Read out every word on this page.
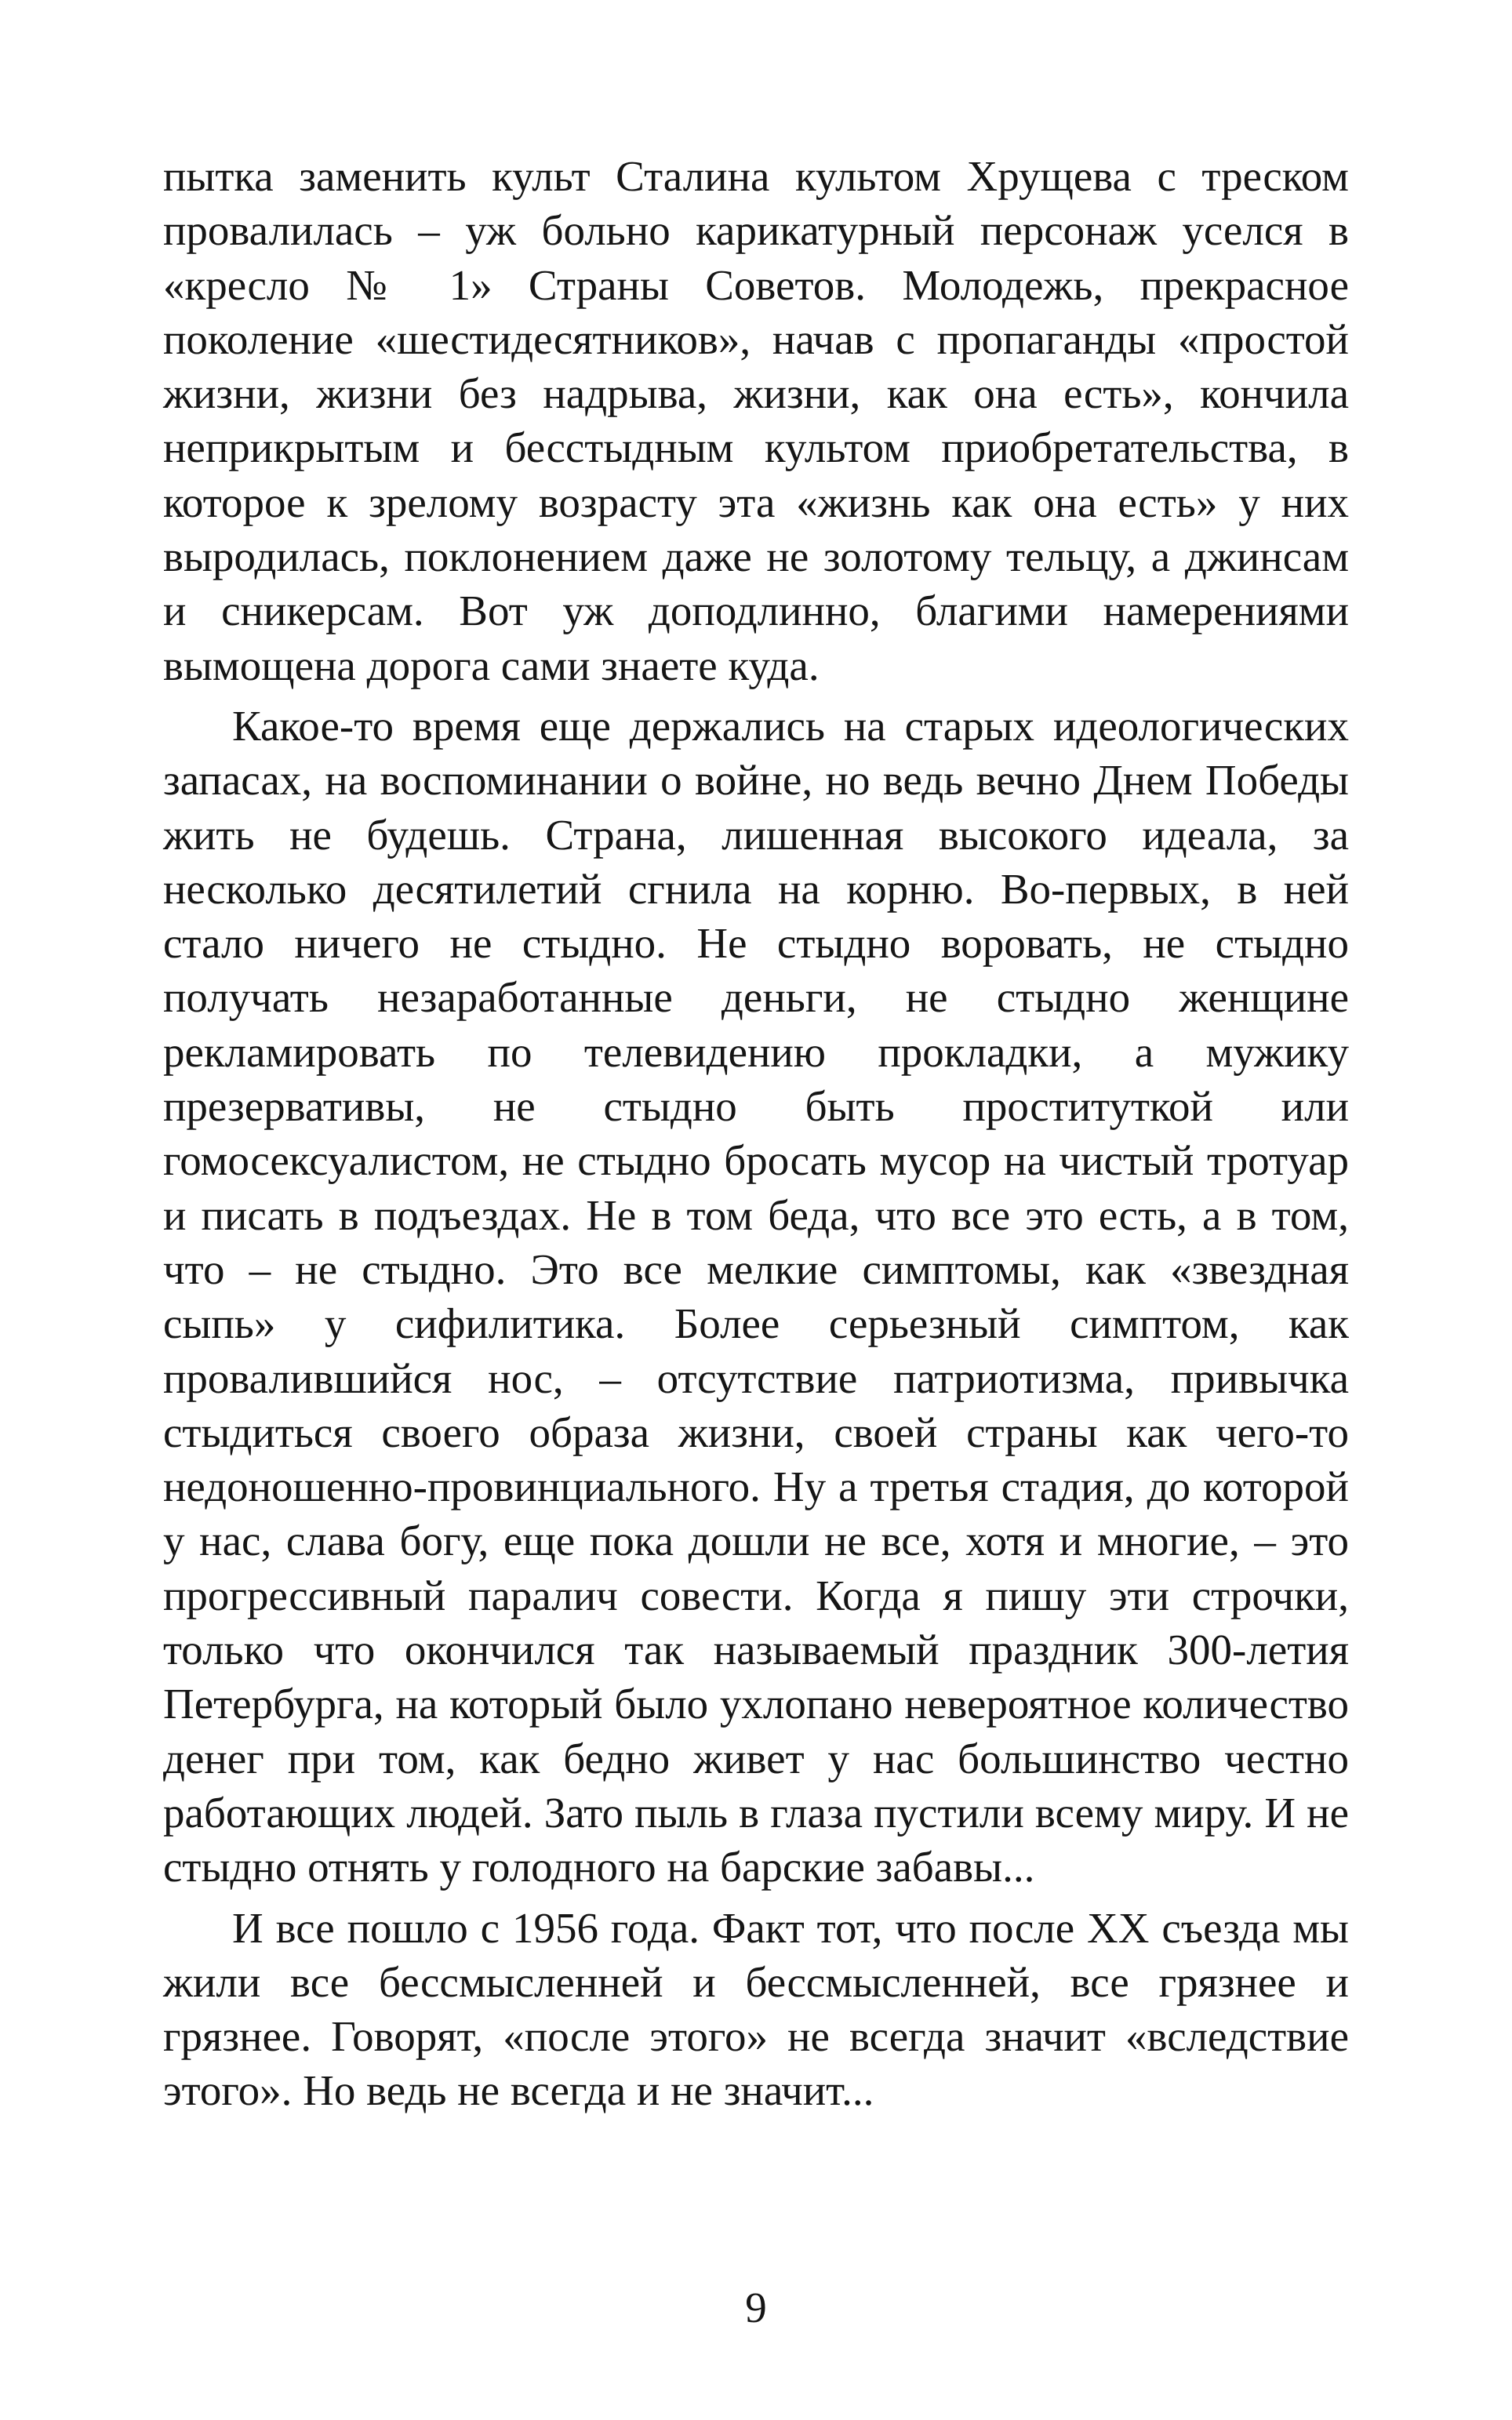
пытка заменить культ Сталина культом Хрущева с треском провалилась – уж больно карикатурный персонаж уселся в «кресло № 1» Страны Советов. Молодежь, прекрасное поколение «шестидесятников», начав с пропаганды «простой жизни, жизни без надрыва, жизни, как она есть», кончила неприкрытым и бесстыдным культом приобретательства, в которое к зрелому возрасту эта «жизнь как она есть» у них выродилась, поклонением даже не золотому тельцу, а джинсам и сникерсам. Вот уж доподлинно, благими намерениями вымощена дорога сами знаете куда.

Какое-то время еще держались на старых идеологических запасах, на воспоминании о войне, но ведь вечно Днем Победы жить не будешь. Страна, лишенная высокого идеала, за несколько десятилетий сгнила на корню. Во-первых, в ней стало ничего не стыдно. Не стыдно воровать, не стыдно получать незаработанные деньги, не стыдно женщине рекламировать по телевидению прокладки, а мужику презервативы, не стыдно быть проституткой или гомосексуалистом, не стыдно бросать мусор на чистый тротуар и писать в подъездах. Не в том беда, что все это есть, а в том, что – не стыдно. Это все мелкие симптомы, как «звездная сыпь» у сифилитика. Более серьезный симптом, как провалившийся нос, – отсутствие патриотизма, привычка стыдиться своего образа жизни, своей страны как чего-то недоношенно-провинциального. Ну а третья стадия, до которой у нас, слава богу, еще пока дошли не все, хотя и многие, – это прогрессивный паралич совести. Когда я пишу эти строчки, только что окончился так называемый праздник 300-летия Петербурга, на который было ухлопано невероятное количество денег при том, как бедно живет у нас большинство честно работающих людей. Зато пыль в глаза пустили всему миру. И не стыдно отнять у голодного на барские забавы...

И все пошло с 1956 года. Факт тот, что после XX съезда мы жили все бессмысленней и бессмысленней, все грязнее и грязнее. Говорят, «после этого» не всегда значит «вследствие этого». Но ведь не всегда и не значит...

9
